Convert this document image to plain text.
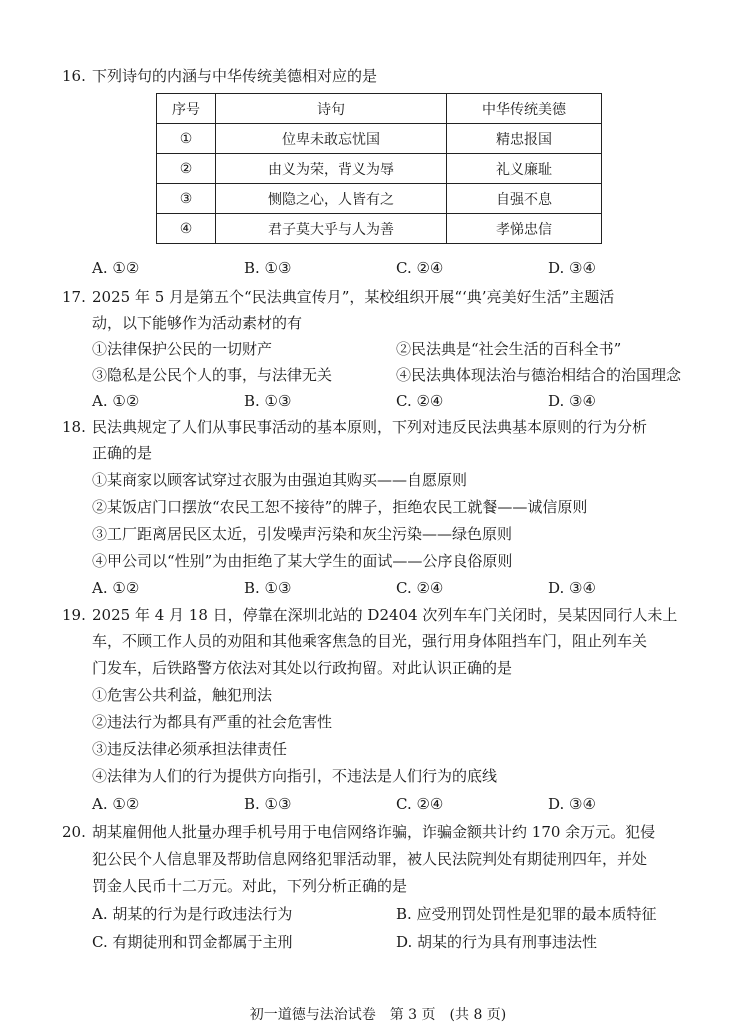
16. 下列诗句的内涵与中华传统美德相对应的是
序号	诗句	中华传统美德
①	位卑未敢忘忧国	精忠报国
②	由义为荣，背义为辱	礼义廉耻
③	恻隐之心，人皆有之	自强不息
④	君子莫大乎与人为善	孝悌忠信
A. ①②	B. ①③	C. ②④	D. ③④
17. 2025 年 5 月是第五个“民法典宣传月”，某校组织开展“‘典’亮美好生活”主题活
动，以下能够作为活动素材的有
①法律保护公民的一切财产	②民法典是“社会生活的百科全书”
③隐私是公民个人的事，与法律无关	④民法典体现法治与德治相结合的治国理念
A. ①②	B. ①③	C. ②④	D. ③④
18. 民法典规定了人们从事民事活动的基本原则，下列对违反民法典基本原则的行为分析
正确的是
①某商家以顾客试穿过衣服为由强迫其购买——自愿原则
②某饭店门口摆放“农民工恕不接待”的牌子，拒绝农民工就餐——诚信原则
③工厂距离居民区太近，引发噪声污染和灰尘污染——绿色原则
④甲公司以“性别”为由拒绝了某大学生的面试——公序良俗原则
A. ①②	B. ①③	C. ②④	D. ③④
19. 2025 年 4 月 18 日，停靠在深圳北站的 D2404 次列车车门关闭时，吴某因同行人未上
车，不顾工作人员的劝阻和其他乘客焦急的目光，强行用身体阻挡车门，阻止列车关
门发车，后铁路警方依法对其处以行政拘留。对此认识正确的是
①危害公共利益，触犯刑法
②违法行为都具有严重的社会危害性
③违反法律必须承担法律责任
④法律为人们的行为提供方向指引，不违法是人们行为的底线
A. ①②	B. ①③	C. ②④	D. ③④
20. 胡某雇佣他人批量办理手机号用于电信网络诈骗，诈骗金额共计约 170 余万元。犯侵
犯公民个人信息罪及帮助信息网络犯罪活动罪，被人民法院判处有期徒刑四年，并处
罚金人民币十二万元。对此，下列分析正确的是
A. 胡某的行为是行政违法行为	B. 应受刑罚处罚性是犯罪的最本质特征
C. 有期徒刑和罚金都属于主刑	D. 胡某的行为具有刑事违法性
初一道德与法治试卷　第 3 页　(共 8 页)
